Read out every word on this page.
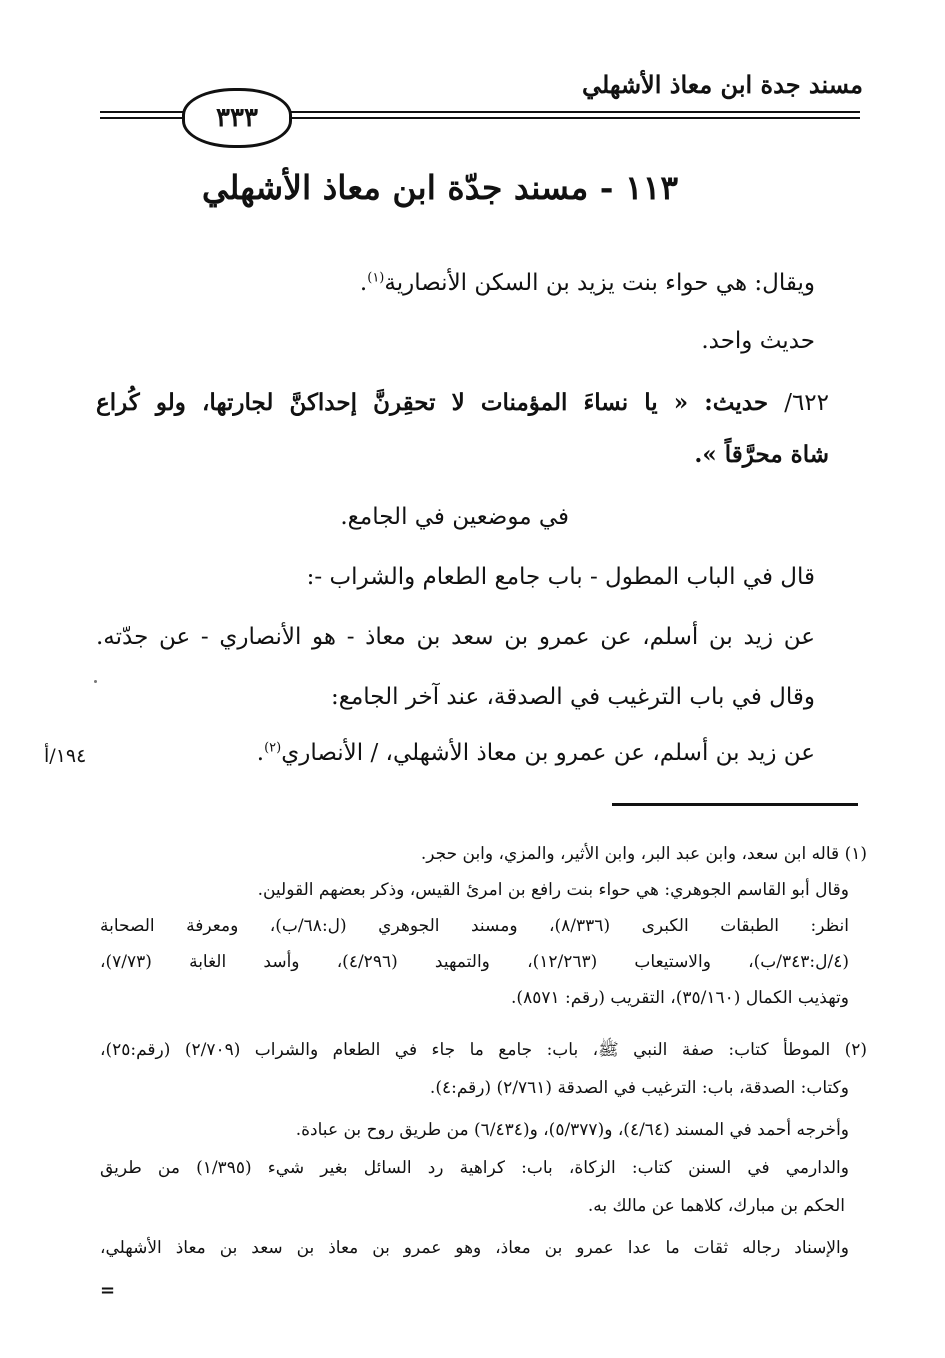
مسند جدة ابن معاذ الأشهلي
٣٣٣
١١٣ - مسند جدّة ابن معاذ الأشهلي
ويقال: هي حواء بنت يزيد بن السكن الأنصارية$^{(١)}$.
حديث واحد.
٦٢٢/ حديث: « يا نساءَ المؤمنات لا تحقِرنَّ إحداكنَّ لجارتها، ولو كُراع
شاة محرَّقاً ».
في موضعين في الجامع.
قال في الباب المطول - باب جامع الطعام والشراب -:
عن زيد بن أسلم، عن عمرو بن سعد بن معاذ - هو الأنصاري - عن جدّته.
وقال في باب الترغيب في الصدقة، عند آخر الجامع:
عن زيد بن أسلم، عن عمرو بن معاذ الأشهلي، / الأنصاري$^{(٢)}$.
١٩٤/أ
(١) قاله ابن سعد، وابن عبد البر، وابن الأثير، والمزي، وابن حجر.
وقال أبو القاسم الجوهري: هي حواء بنت رافع بن امرئ القيس، وذكر بعضهم القولين.
انظر: الطبقات الكبرى (٨/٣٣٦)، ومسند الجوهري (ل:٦٨/ب)، ومعرفة الصحابة
(٤/ل:٣٤٣/ب)، والاستيعاب (١٢/٢٦٣)، والتمهيد (٤/٢٩٦)، وأسد الغابة (٧/٧٣)،
وتهذيب الكمال (٣٥/١٦٠)، التقريب (رقم: ٨٥٧١).
(٢) الموطأ كتاب: صفة النبي ﷺ، باب: جامع ما جاء في الطعام والشراب (٢/٧٠٩) (رقم:٢٥)،
وكتاب: الصدقة، باب: الترغيب في الصدقة (٢/٧٦١) (رقم:٤).
وأخرجه أحمد في المسند (٤/٦٤)، و(٥/٣٧٧)، و(٦/٤٣٤) من طريق روح بن عبادة.
والدارمي في السنن كتاب: الزكاة، باب: كراهية رد السائل بغير شيء (١/٣٩٥) من طريق
الحكم بن مبارك، كلاهما عن مالك به.
والإسناد رجاله ثقات ما عدا عمرو بن معاذ، وهو عمرو بن معاذ بن سعد بن معاذ الأشهلي،
=
